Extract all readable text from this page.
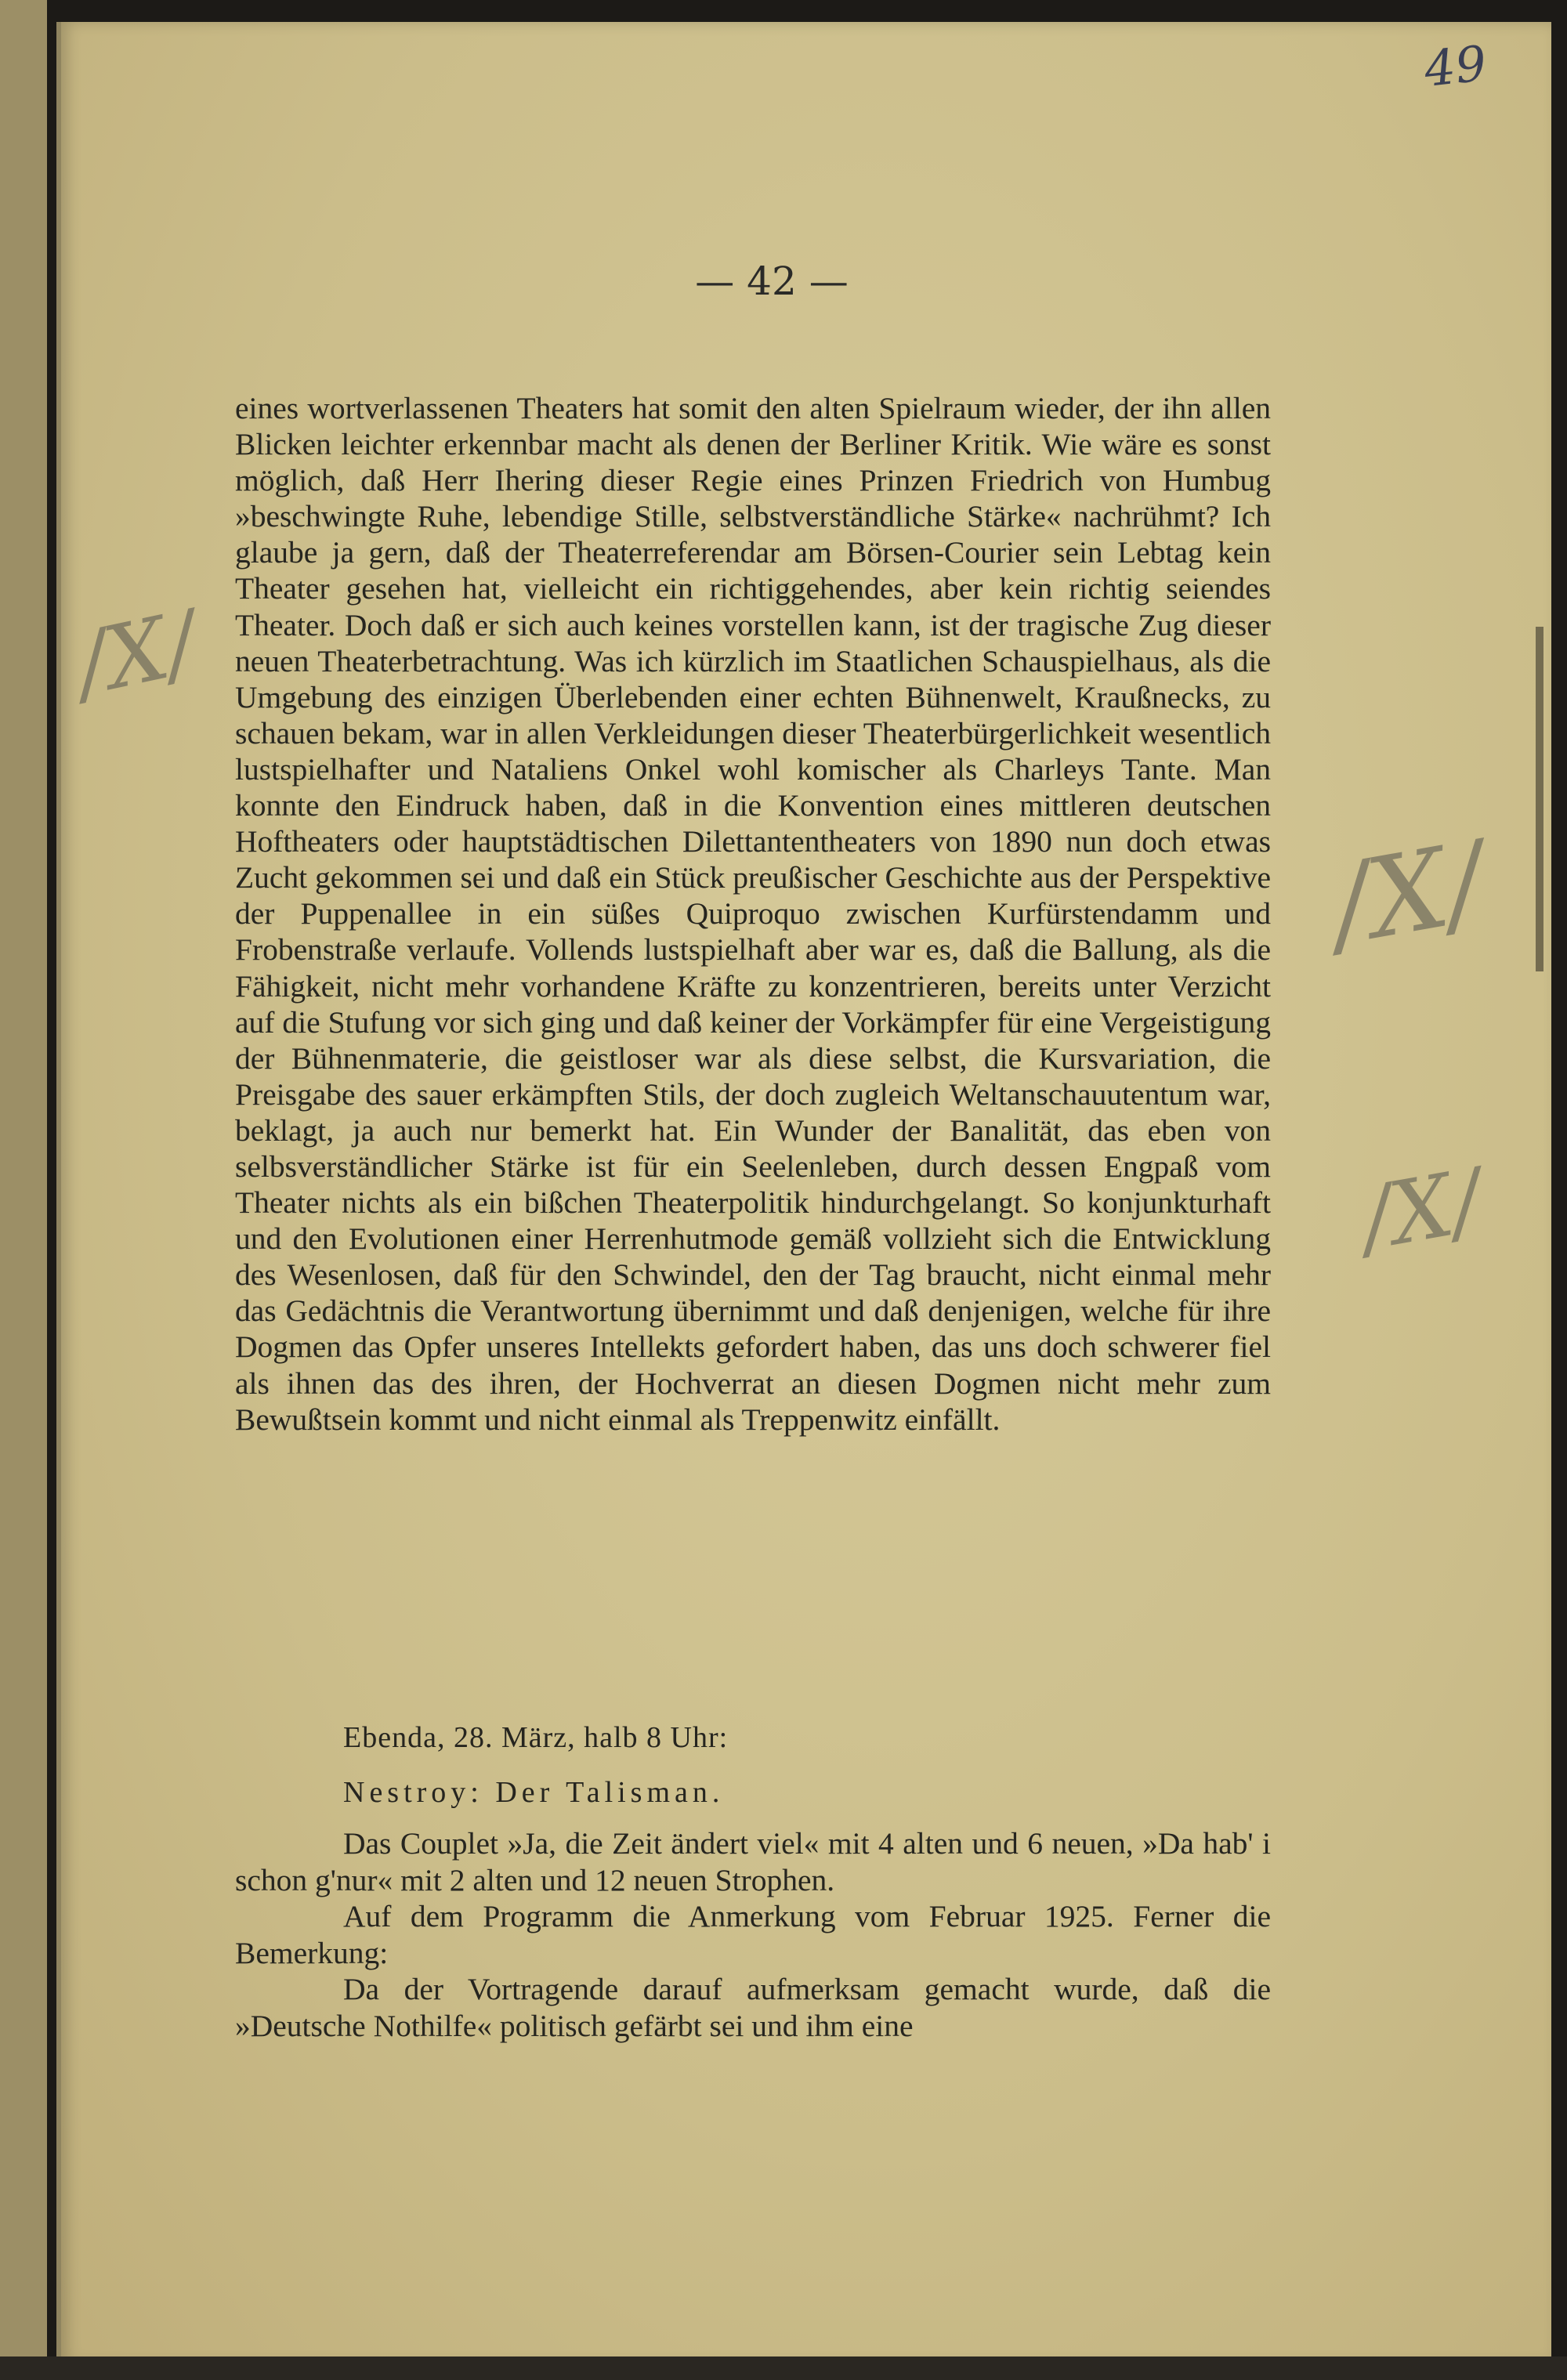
49
— 42 —
/X/
/X/
/X/

eines wortverlassenen Theaters hat somit den alten Spielraum wieder, der ihn allen Blicken leichter erkennbar macht als denen der Berliner Kritik. Wie wäre es sonst möglich, daß Herr Ihering dieser Regie eines Prinzen Friedrich von Humbug »beschwingte Ruhe, lebendige Stille, selbstverständliche Stärke« nachrühmt? Ich glaube ja gern, daß der Theaterreferendar am Börsen-Courier sein Lebtag kein Theater gesehen hat, vielleicht ein richtiggehendes, aber kein richtig seiendes Theater. Doch daß er sich auch keines vorstellen kann, ist der tragische Zug dieser neuen Theaterbetrachtung. Was ich kürzlich im Staatlichen Schauspielhaus, als die Umgebung des einzigen Überlebenden einer echten Bühnenwelt, Kraußnecks, zu schauen bekam, war in allen Verkleidungen dieser Theaterbürgerlichkeit wesentlich lustspielhafter und Nataliens Onkel wohl komischer als Charleys Tante. Man konnte den Eindruck haben, daß in die Konvention eines mittleren deutschen Hoftheaters oder hauptstädtischen Dilettantentheaters von 1890 nun doch etwas Zucht gekommen sei und daß ein Stück preußischer Geschichte aus der Perspektive der Puppenallee in ein süßes Quiproquo zwischen Kurfürstendamm und Frobenstraße verlaufe. Vollends lustspielhaft aber war es, daß die Ballung, als die Fähigkeit, nicht mehr vorhandene Kräfte zu konzentrieren, bereits unter Verzicht auf die Stufung vor sich ging und daß keiner der Vorkämpfer für eine Vergeistigung der Bühnenmaterie, die geistloser war als diese selbst, die Kursvariation, die Preisgabe des sauer erkämpften Stils, der doch zugleich Weltanschauutentum war, beklagt, ja auch nur bemerkt hat. Ein Wunder der Banalität, das eben von selbsverständlicher Stärke ist für ein Seelenleben, durch dessen Engpaß vom Theater nichts als ein bißchen Theaterpolitik hindurchgelangt. So konjunkturhaft und den Evolutionen einer Herrenhutmode gemäß vollzieht sich die Entwicklung des Wesenlosen, daß für den Schwindel, den der Tag braucht, nicht einmal mehr das Gedächtnis die Verantwortung übernimmt und daß denjenigen, welche für ihre Dogmen das Opfer unseres Intellekts gefordert haben, das uns doch schwerer fiel als ihnen das des ihren, der Hochverrat an diesen Dogmen nicht mehr zum Bewußtsein kommt und nicht einmal als Treppenwitz einfällt.

Ebenda, 28. März, halb 8 Uhr:
Nestroy: Der Talisman.

Das Couplet »Ja, die Zeit ändert viel« mit 4 alten und 6 neuen, »Da hab' i schon g'nur« mit 2 alten und 12 neuen Strophen.

Auf dem Programm die Anmerkung vom Februar 1925. Ferner die Bemerkung:

Da der Vortragende darauf aufmerksam gemacht wurde, daß die »Deutsche Nothilfe« politisch gefärbt sei und ihm eine
